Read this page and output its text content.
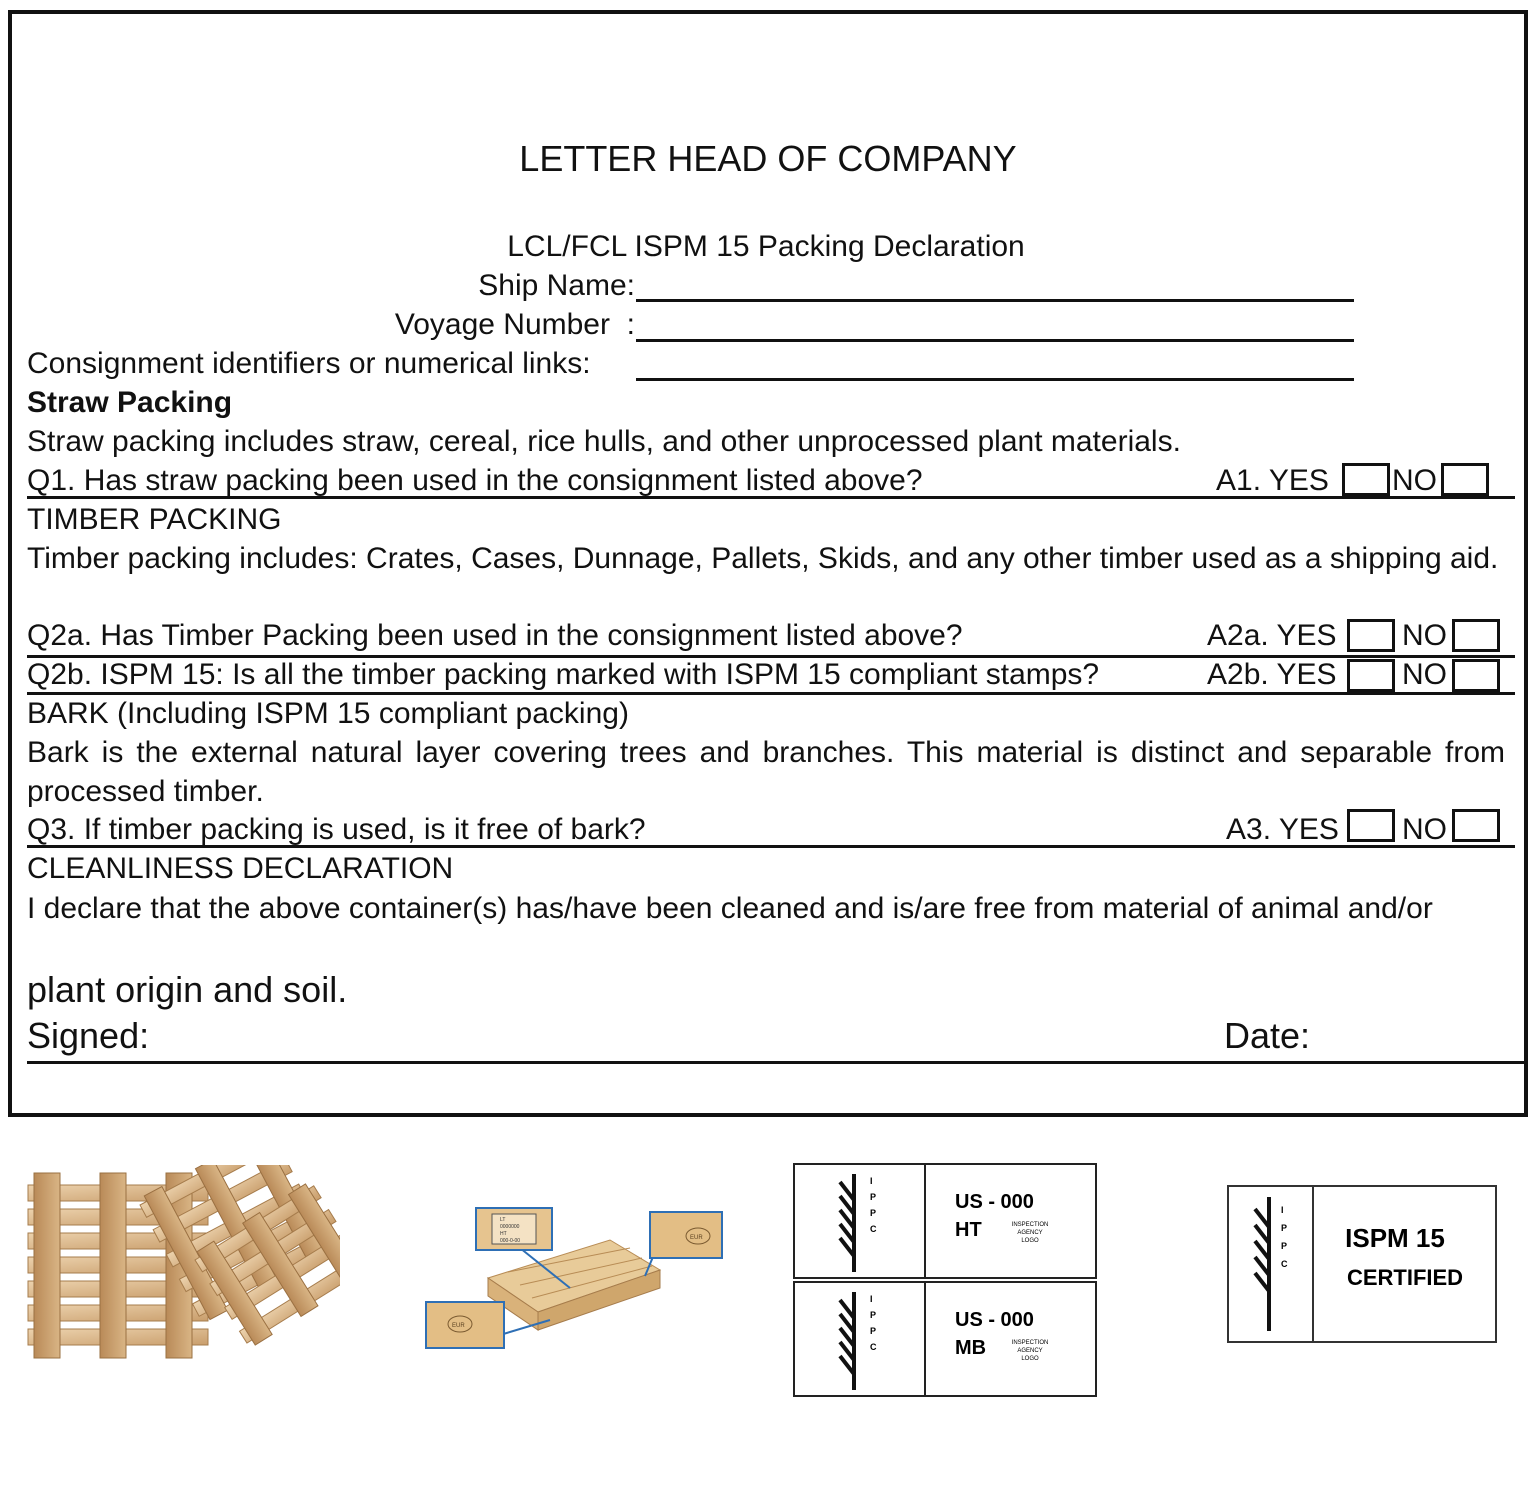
LETTER HEAD OF COMPANY
LCL/FCL ISPM 15 Packing Declaration
Ship Name:
Voyage Number  :
Consignment identifiers or numerical links:
Straw Packing
Straw packing includes straw, cereal, rice hulls, and other unprocessed plant materials.
Q1. Has straw packing been used in the consignment listed above?	A1. YES NO
TIMBER PACKING
Timber packing includes: Crates, Cases, Dunnage, Pallets, Skids, and any other timber used as a shipping aid.
Q2a. Has Timber Packing been used in the consignment listed above?	A2a. YES NO
Q2b. ISPM 15: Is all the timber packing marked with ISPM 15 compliant stamps?	A2b. YES NO
BARK (Including ISPM 15 compliant packing)
Bark is the external natural layer covering trees and branches. This material is distinct and separable from processed timber.
Q3. If timber packing is used, is it free of bark?	A3. YES NO
CLEANLINESS DECLARATION
I declare that the above container(s) has/have been cleaned and is/are free from material of animal and/or
plant origin and soil.
Signed:	Date:
LT
0000000
HT
000-0-00	EUR
EUR
I
P
P
C
US - 000
HT	INSPECTION
AGENCY
LOGO
I
P
P
C
US - 000
MB	INSPECTION
AGENCY
LOGO
I
P
P
C
ISPM 15
CERTIFIED
